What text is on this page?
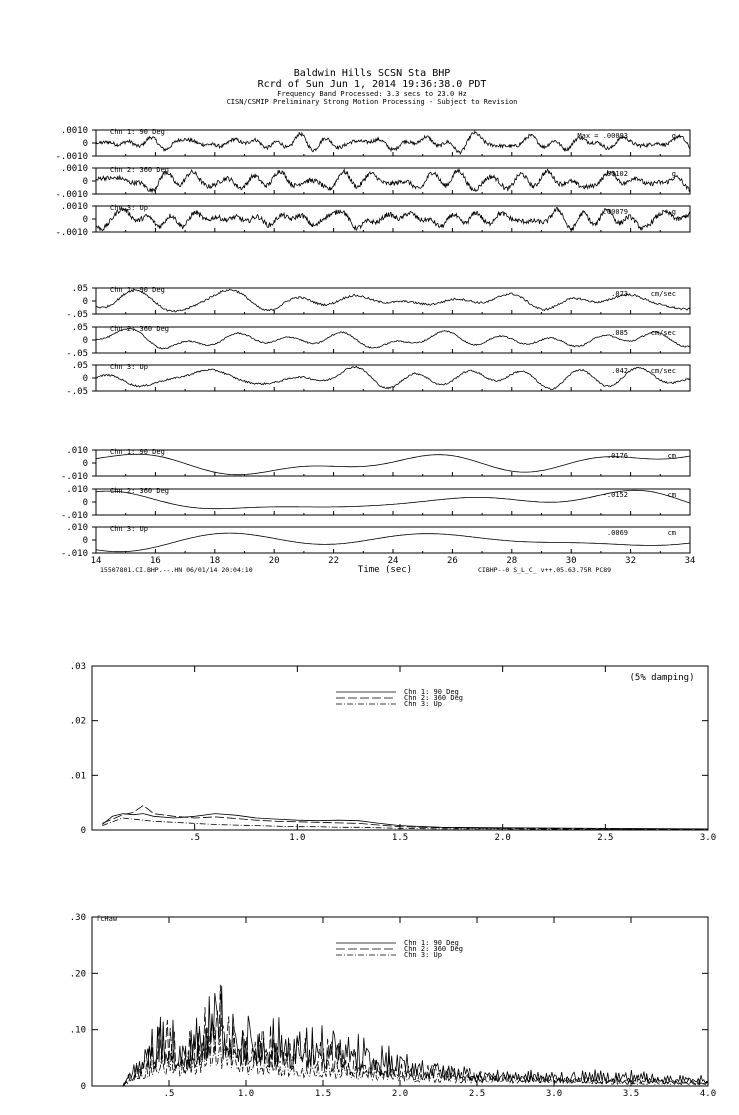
Baldwin Hills SCSN Sta BHP
Rcrd of Sun Jun 1, 2014 19:36:38.0 PDT
Frequency Band Processed: 3.3 secs to 23.0 Hz
CISN/CSMIP Preliminary Strong Motion Processing - Subject to Revision
.0010
0
-.0010
Chn 1: 90 Deg	Max = .00093	g
.0010
0
-.0010
Chn 2: 360 Deg	.00102	g
.0010
0
-.0010
Chn 3: Up	.00079	g
.05
0
-.05
Chn 1: 90 Deg	.073	cm/sec
.05
0
-.05
Chn 2: 360 Deg	.085	cm/sec
.05
0
-.05
Chn 3: Up	.042	cm/sec
.010
0
-.010
Chn 1: 90 Deg	.0176	cm
.010
0
-.010
Chn 2: 360 Deg	-.0152	cm
.010
0
-.010
Chn 3: Up	.0069	cm
14	16	18	20	22	24	26	28	30	32	34
Time (sec)
15507801.CI.BHP.--.HN 06/01/14 20:04:10	CIBHP--0 S_L_C_ v++.05.63.75R PC89
0
.01
.02
.03
.5	1.0	1.5	2.0	2.5	3.0
Chn 1: 90 Deg
Chn 2: 360 Deg
Chn 3: Up
(5% damping)
0
.10
.20
.30
.5	1.0	1.5	2.0	2.5	3.0	3.5	4.0
Chn 1: 90 Deg
Chn 2: 360 Deg
Chn 3: Up
fcHaw
